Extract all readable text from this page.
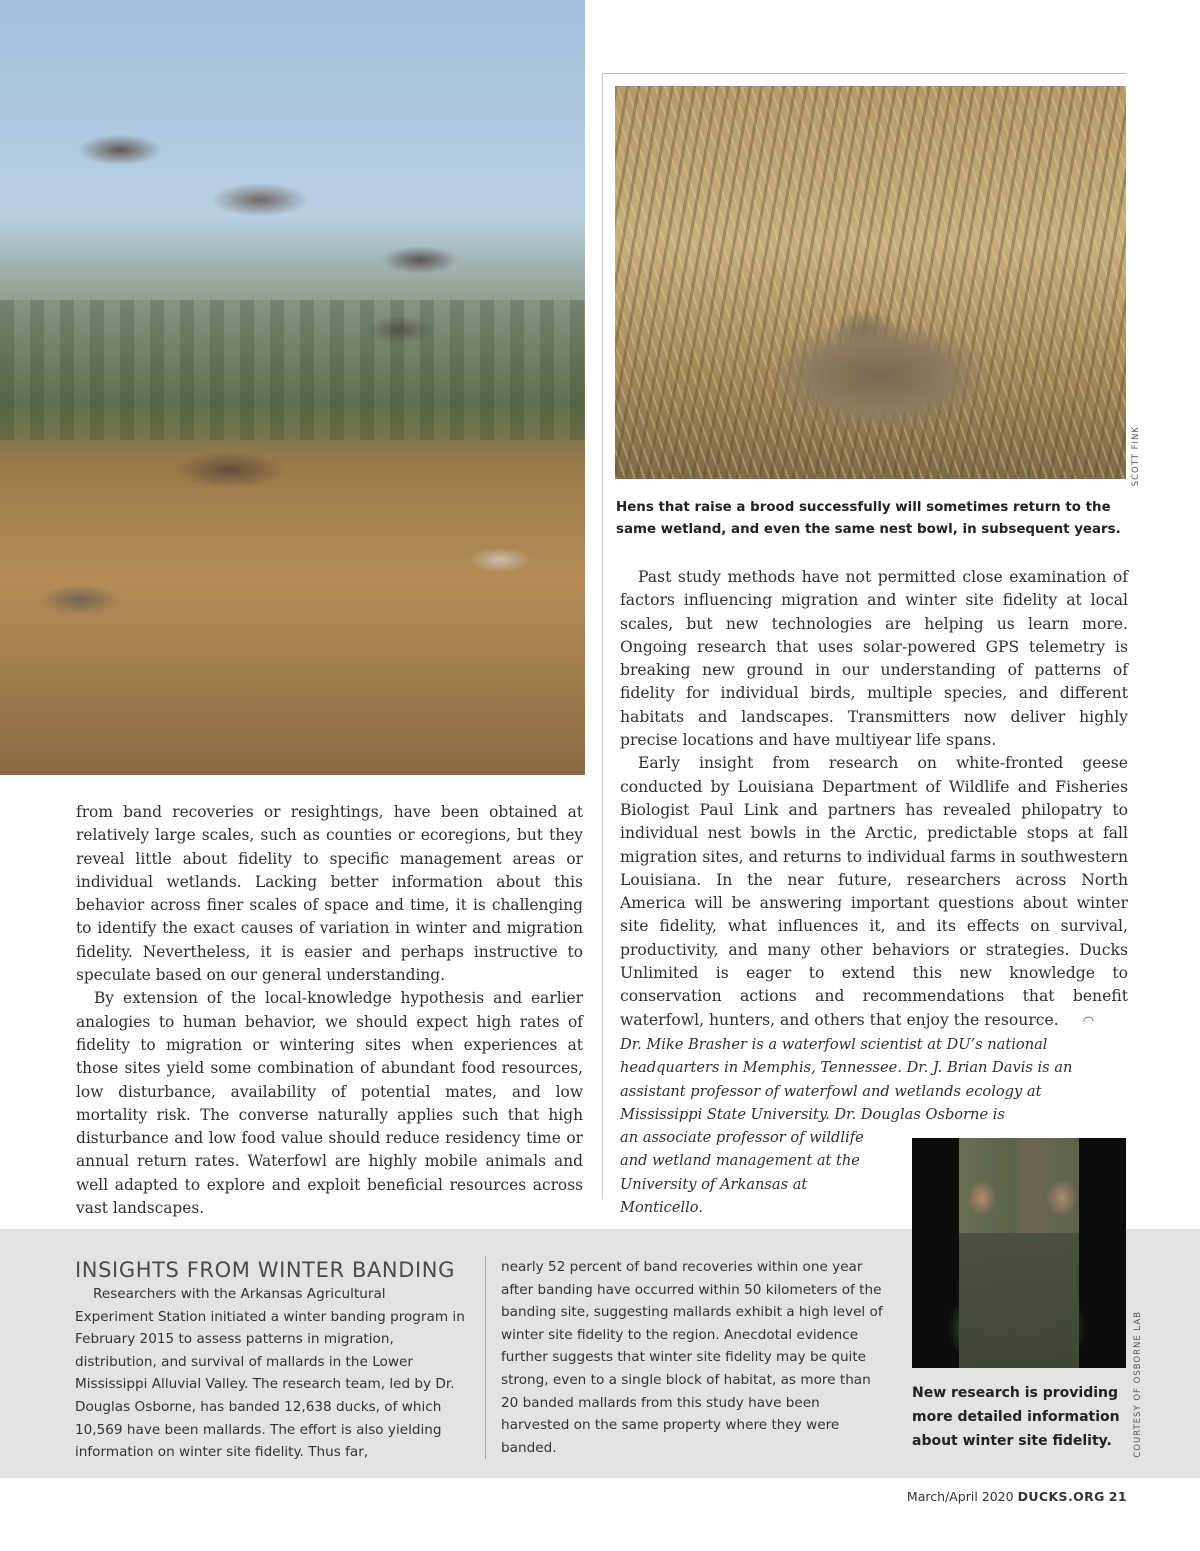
SCOTT FINK
Hens that raise a brood successfully will sometimes return to the same wetland, and even the same nest bowl, in subsequent years.

Past study methods have not permitted close examination of factors influencing migration and winter site fidelity at local scales, but new technologies are helping us learn more. Ongoing research that uses solar-powered GPS telemetry is breaking new ground in our understanding of patterns of fidelity for individual birds, multiple species, and different habitats and landscapes. Transmitters now deliver highly precise locations and have multiyear life spans.

Early insight from research on white-fronted geese conducted by Louisiana Department of Wildlife and Fisheries Biologist Paul Link and partners has revealed philopatry to individual nest bowls in the Arctic, predictable stops at fall migration sites, and returns to individual farms in southwestern Louisiana. In the near future, researchers across North America will be answering important questions about winter site fidelity, what influences it, and its effects on survival, productivity, and many other behaviors or strategies. Ducks Unlimited is eager to extend this new knowledge to conservation actions and recommendations that benefit waterfowl, hunters, and others that enjoy the resource. ◠

Dr. Mike Brasher is a waterfowl scientist at DU’s national headquarters in Memphis, Tennessee. Dr. J. Brian Davis is an assistant professor of waterfowl and wetlands ecology at Mississippi State University. Dr. Douglas Osborne is
an associate professor of wildlife and wetland management at the University of Arkansas at Monticello.

from band recoveries or resightings, have been obtained at relatively large scales, such as counties or ecoregions, but they reveal little about fidelity to specific management areas or individual wetlands. Lacking better information about this behavior across finer scales of space and time, it is challenging to identify the exact causes of variation in winter and migration fidelity. Nevertheless, it is easier and perhaps instructive to speculate based on our general understanding.

By extension of the local-knowledge hypothesis and earlier analogies to human behavior, we should expect high rates of fidelity to migration or wintering sites when experiences at those sites yield some combination of abundant food resources, low disturbance, availability of potential mates, and low mortality risk. The converse naturally applies such that high disturbance and low food value should reduce residency time or annual return rates. Waterfowl are highly mobile animals and well adapted to explore and exploit beneficial resources across vast landscapes.

INSIGHTS FROM WINTER BANDING

Researchers with the Arkansas Agricultural Experiment Station initiated a winter banding program in February 2015 to assess patterns in migration, distribution, and survival of mallards in the Lower Mississippi Alluvial Valley. The research team, led by Dr. Douglas Osborne, has banded 12,638 ducks, of which 10,569 have been mallards. The effort is also yielding information on winter site fidelity. Thus far,

nearly 52 percent of band recoveries within one year after banding have occurred within 50 kilometers of the banding site, suggesting mallards exhibit a high level of winter site fidelity to the region. Anecdotal evidence further suggests that winter site fidelity may be quite strong, even to a single block of habitat, as more than 20 banded mallards from this study have been harvested on the same property where they were banded.	COURTESY OF OSBORNE LAB
New research is providing more detailed information about winter site fidelity.
March/April 2020 DUCKS.ORG 21
